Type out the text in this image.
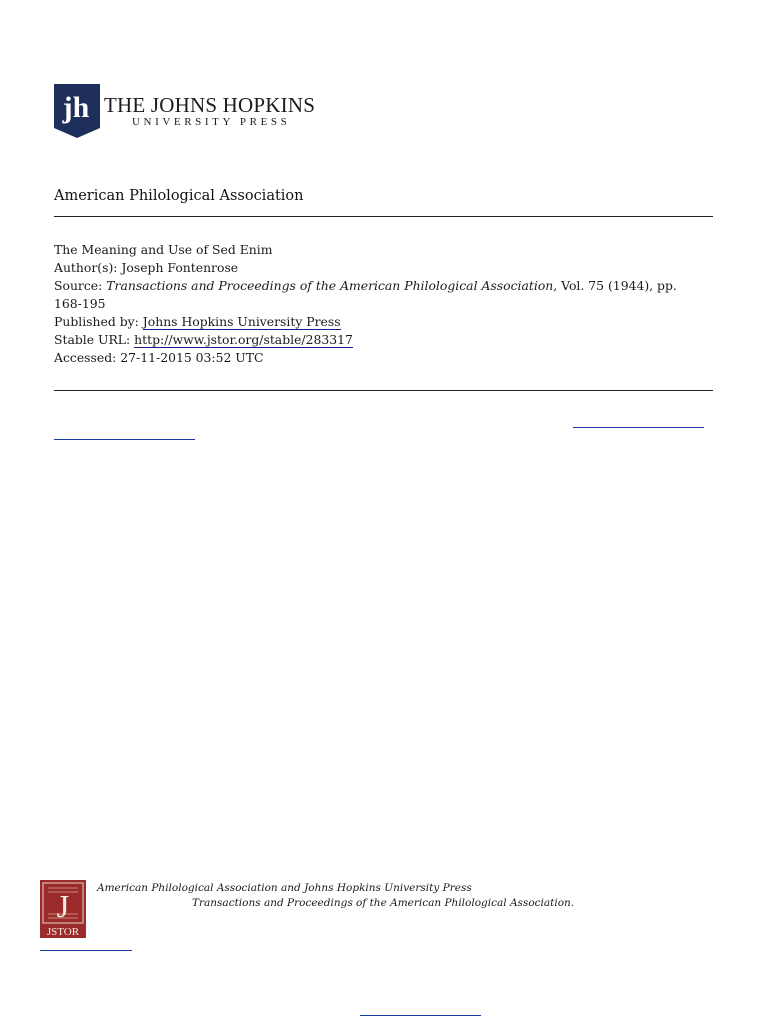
jh THE JOHNS HOPKINS
UNIVERSITY PRESS
American Philological Association
The Meaning and Use of Sed Enim
Author(s): Joseph Fontenrose
Source: Transactions and Proceedings of the American Philological Association, Vol. 75 (1944), pp.
168-195
Published by: Johns Hopkins University Press
Stable URL: http://www.jstor.org/stable/283317
Accessed: 27-11-2015 03:52 UTC
J
JSTOR
American Philological Association and Johns Hopkins University Press
Transactions and Proceedings of the American Philological Association.
